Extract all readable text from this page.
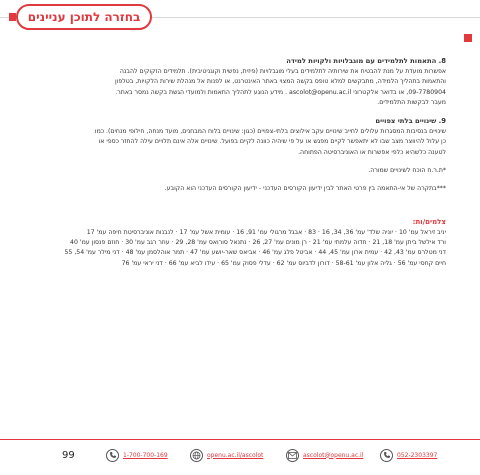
בחזרה לתוכן עניינים
8. התאמות לתלמידים עם מוגבלויות ולקויות למידה

אפשרות מועדת על מנת להבטיח את שירותיה לתלמידים בעלי מוגבלויות (פיזית, נפשית וקוגניטיבית). תלמידים הזקוקים להבנה

והתאמות בתהליך הלמידה, מתבקשים למלא טופס בקשה המצוי באתר האינטרנט, או לפנות אל מנהלת שירות הלקויות, בטלפון

09-7780904, או בדואר אלקטרוני ascolot@openu.ac.il . מידע הנוגע לתהליך התאמות ולמועדי הגשת בקשה נמסר באתר.

מעבר לבקשות התלמידים.

9. שינויים בלתי צפויים

שינויים בנסיבות המסגרות עלולים לחייב שינויים עקב אילוצים בלתי-צפויים (כגון: שינויים בלוח המבחנים, מועד מנחה, חילופי מנחים). כמו

כן עלול להיווצר מצב שבו לא יתאפשר לקיים מפגש או על פי שיהיה כוונה לקיים בפועל. שינויים אלה אינם תלויים עילה להחזר כספי או

לטענה כלשהיא כלפי אפשרות או האוניברסיטה הפתוחה.

*ת.ר.ח הוכח לשינויים שמורה.

***בתקרה של אי-התאמה בין פרטי האתר לבין ידיעון הקורסים העדכני - ידיעון הקורסים העדכני הוא הקובע.

צלמים/ות:

יניב זיראל עמ' 10 · יוניה שלד' עמ' 36, 34, 16 · 83 · אבגל מרגולי עמ' 91, 16 · עומית אשל עמ' 17 · לנבנות אוניברסיטת חיפה עמ' 17

ורד אילשל ביתן עמ' 18, 21 · חדוה עלמתי עמ' 21 · רן מונים עמ' 27, 26 · נתנאל סורואס עמ' 28, 29 · עוזר רגב עמ' 30 · חוזם פנסון עמ' 40

דני מטלרס עמ' 43, 42 · עמית ארון עמ' 45, 44 · אביטל פלג עמ' 46 · אביאס שאר-יושע עמ' 47 · תמר אוהלסמן עמ' 48 · דני מילר עמ' 54, 55

חיים קחסי עמ' 56 · גליה אלון עמ' 58-61 · דורון לדביוס עמ' 62 · עדלי פסוק עמ' 65 · עידו לביא עמ' 66 · דני יראי עמ' 76

99	1-700-700-169	openu.ac.il/ascolot	ascolot@openu.ac.il	052-2303397
